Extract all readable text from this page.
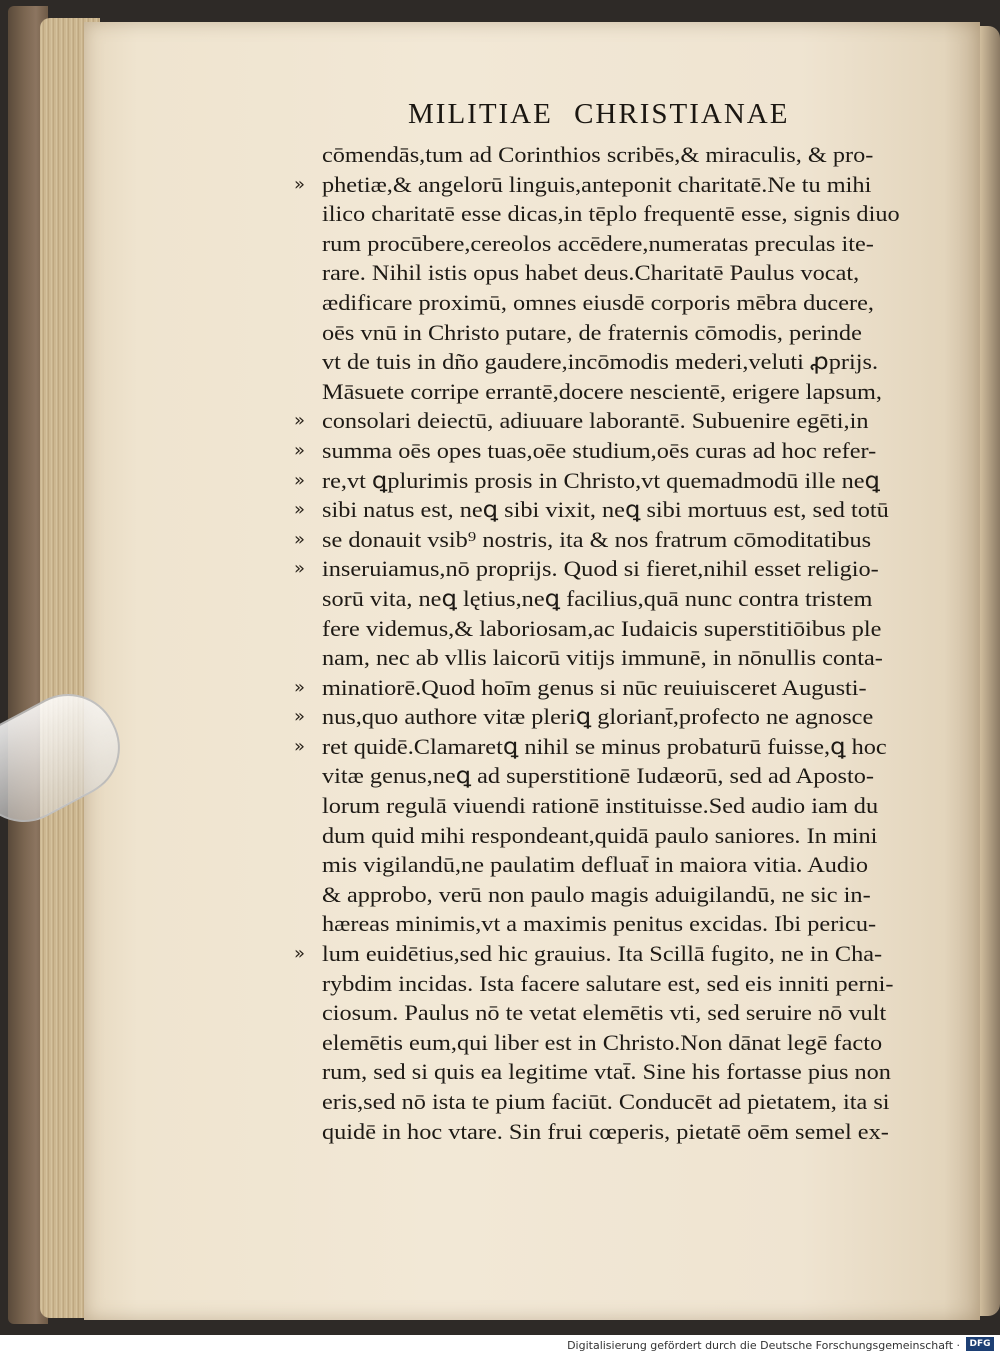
MILITIAE CHRISTIANAE
cōmendās,tum ad Corinthios scribēs,& miraculis, & pro-
» phetiæ,& angelorū linguis,anteponit charitatē.Ne tu mihi
ilico charitatē esse dicas,in tēplo frequentē esse, signis diuo
rum procūbere,cereolos accēdere,numeratas preculas ite-
rare. Nihil istis opus habet deus.Charitatē Paulus vocat,
ædificare proximū, omnes eiusdē corporis mēbra ducere,
oēs vnū in Christo putare, de fraternis cōmodis, perinde
vt de tuis in dño gaudere,incōmodis mederi,veluti ꝓprijs.
Māsuete corripe errantē,docere nescientē, erigere lapsum,
» consolari deiectū, adiuuare laborantē. Subuenire egēti,in
» summa oēs opes tuas,oēe studium,oēs curas ad hoc refer-
» re,vt ꝗplurimis prosis in Christo,vt quemadmodū ille neꝗ
» sibi natus est, neꝗ sibi vixit, neꝗ sibi mortuus est, sed totū
» se donauit vsib⁹ nostris, ita & nos fratrum cōmoditatibus
» inseruiamus,nō proprijs. Quod si fieret,nihil esset religio-
sorū vita, neꝗ lętius,neꝗ facilius,quā nunc contra tristem
fere videmus,& laboriosam,ac Iudaicis superstitiōibus ple
nam, nec ab vllis laicorū vitijs immunē, in nōnullis conta-
» minatiorē.Quod hoīm genus si nūc reuiuisceret Augusti-
» nus,quo authore vitæ pleriꝗ gloriant̄,profecto ne agnosce
» ret quidē.Clamaretꝗ nihil se minus probaturū fuisse,ꝗ hoc
vitæ genus,neꝗ ad superstitionē Iudæorū, sed ad Aposto-
lorum regulā viuendi rationē instituisse.Sed audio iam du
dum quid mihi respondeant,quidā paulo saniores. In mini
mis vigilandū,ne paulatim defluat̄ in maiora vitia. Audio
& approbo, verū non paulo magis aduigilandū, ne sic in-
hæreas minimis,vt a maximis penitus excidas. Ibi pericu-
» lum euidētius,sed hic grauius. Ita Scillā fugito, ne in Cha-
rybdim incidas. Ista facere salutare est, sed eis inniti perni-
ciosum. Paulus nō te vetat elemētis vti, sed seruire nō vult
elemētis eum,qui liber est in Christo.Non dānat legē facto
rum, sed si quis ea legitime vtat̄. Sine his fortasse pius non
eris,sed nō ista te pium faciūt. Conducēt ad pietatem, ita si
quidē in hoc vtare. Sin frui cœperis, pietatē oēm semel ex-
Digitalisierung gefördert durch die Deutsche Forschungsgemeinschaft ·	DFG
